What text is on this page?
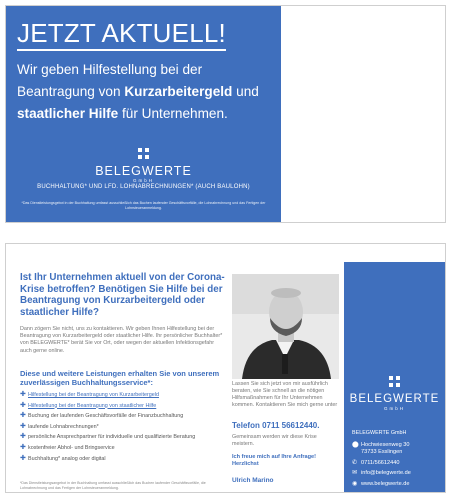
JETZT AKTUELL!
Wir geben Hilfestellung bei der Beantragung von Kurzarbeitergeld und staatlicher Hilfe für Unternehmen.
BELEGWERTE
GmbH
BUCHHALTUNG* UND LFD. LOHNABRECHNUNGEN* (AUCH BAULOHN)
*Das Dienstleistungsgebot in der Buchhaltung umfasst ausschließlich das Buchen laufender Geschäftsvorfälle, die Lohnabrechnung und das Fertigen der Lohnsteueranmeldung.
Ist Ihr Unternehmen aktuell von der Corona-Krise betroffen? Benötigen Sie Hilfe bei der Beantragung von Kurzarbeitergeld oder staatlicher Hilfe?
Dann zögern Sie nicht, uns zu kontaktieren. Wir geben Ihnen Hilfestellung bei der Beantragung von Kurzarbeitergeld oder staatlicher Hilfe. Ihr persönlicher Buchhalter* von BELEGWERTE* berät Sie vor Ort, oder wegen der aktuellen Infektionsgefahr auch gerne online.
Diese und weitere Leistungen erhalten Sie von unserem zuverlässigen Buchhaltungsservice*:
✚ Hilfestellung bei der Beantragung von Kurzarbeitergeld
✚ Hilfestellung bei der Beantragung von staatlicher Hilfe
✚ Buchung der laufenden Geschäftsvorfälle der Finanzbuchhaltung
✚ laufende Lohnabrechnungen*
✚ persönliche Ansprechpartner für individuelle und qualifizierte Beratung
✚ kostenfreier Abhol- und Bringservice
✚ Buchhaltung* analog oder digital
*Das Dienstleistungsangebot in der Buchhaltung umfasst ausschließlich das Buchen laufender Geschäftsvorfälle, die Lohnabrechnung und das Fertigen der Lohnsteueranmeldung.
Lassen Sie sich jetzt von mir ausführlich beraten, wie Sie schnell an die nötigen Hilfsmaßnahmen für Ihr Unternehmen kommen. Kontaktieren Sie mich gerne unter
Telefon 0711 56612440.
Gemeinsam werden wir diese Krise meistern.
Ich freue mich auf Ihre Anfrage! Herzlichst
Ulrich Marino
BELEGWERTE
GmbH
BELEGWERTE GmbH
⬤ Hochwiesenweg 30
73733 Esslingen
✆ 0711/56612440
✉ info@belegwerte.de
◉ www.belegwerte.de
